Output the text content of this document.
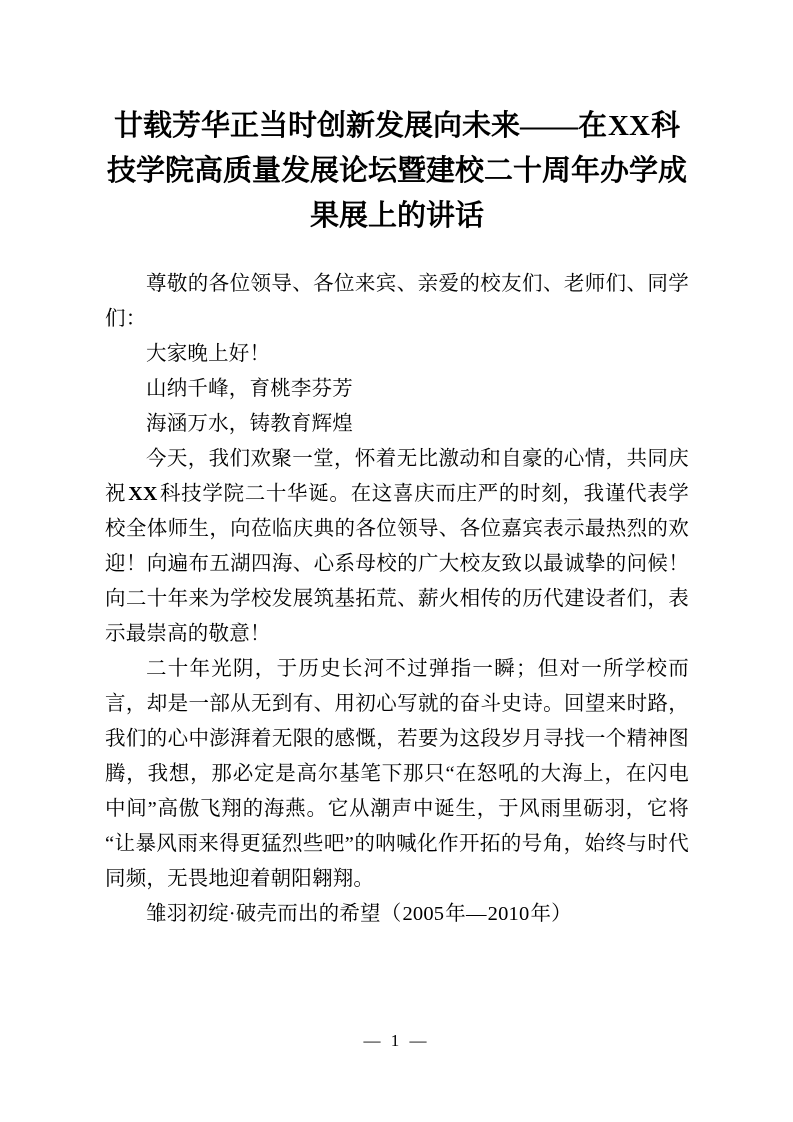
廿载芳华正当时创新发展向未来——在XX科技学院高质量发展论坛暨建校二十周年办学成果展上的讲话

尊敬的各位领导、各位来宾、亲爱的校友们、老师们、同学们：

大家晚上好！

山纳千峰，育桃李芬芳

海涵万水，铸教育辉煌

今天，我们欢聚一堂，怀着无比激动和自豪的心情，共同庆祝 XX科技学院二十华诞。在这喜庆而庄严的时刻，我谨代表学校全体师生，向莅临庆典的各位领导、各位嘉宾表示最热烈的欢迎！向遍布五湖四海、心系母校的广大校友致以最诚挚的问候！向二十年来为学校发展筑基拓荒、薪火相传的历代建设者们，表示最崇高的敬意！

二十年光阴，于历史长河不过弹指一瞬；但对一所学校而言，却是一部从无到有、用初心写就的奋斗史诗。回望来时路，我们的心中澎湃着无限的感慨，若要为这段岁月寻找一个精神图腾，我想，那必定是高尔基笔下那只“在怒吼的大海上，在闪电中间”高傲飞翔的海燕。它从潮声中诞生，于风雨里砺羽，它将“让暴风雨来得更猛烈些吧”的呐喊化作开拓的号角，始终与时代同频，无畏地迎着朝阳翱翔。

雏羽初绽·破壳而出的希望（2005年—2010年）

— 1 —
